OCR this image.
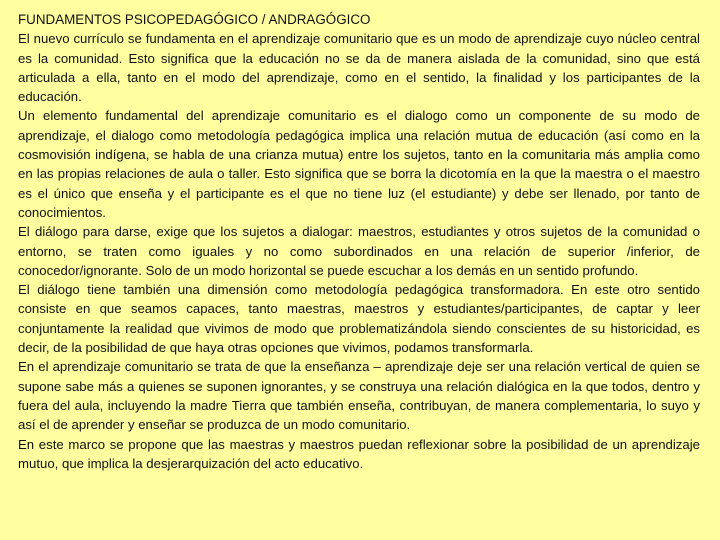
FUNDAMENTOS PSICOPEDAGÓGICO / ANDRAGÓGICO

El nuevo currículo se fundamenta en el aprendizaje comunitario que es un modo de aprendizaje cuyo núcleo central es la comunidad. Esto significa que la educación no se da de manera aislada de la comunidad, sino que está articulada a ella, tanto en el modo del aprendizaje, como en el sentido, la finalidad y los participantes de la educación.

Un elemento fundamental del aprendizaje comunitario es el dialogo como un componente de su modo de aprendizaje, el dialogo como metodología pedagógica implica una relación mutua de educación (así como en la cosmovisión indígena, se habla de una crianza mutua) entre los sujetos, tanto en la comunitaria más amplia como en las propias relaciones de aula o taller. Esto significa que se borra la dicotomía en la que la maestra o el maestro es el único que enseña y el participante es el que no tiene luz (el estudiante) y debe ser llenado, por tanto de conocimientos.

El diálogo para darse, exige que los sujetos a dialogar: maestros, estudiantes y otros sujetos de la comunidad o entorno, se traten como iguales y no como subordinados en una relación de superior /inferior, de conocedor/ignorante. Solo de un modo horizontal se puede escuchar a los demás en un sentido profundo.

El diálogo tiene también una dimensión como metodología pedagógica transformadora. En este otro sentido consiste en que seamos capaces, tanto maestras, maestros y estudiantes/participantes, de captar y leer conjuntamente la realidad que vivimos de modo que problematizándola siendo conscientes de su historicidad, es decir, de la posibilidad de que haya otras opciones que vivimos, podamos transformarla.

En el aprendizaje comunitario se trata de que la enseñanza – aprendizaje deje ser una relación vertical de quien se supone sabe más a quienes se suponen ignorantes, y se construya una relación dialógica en la que todos, dentro y fuera del aula, incluyendo la madre Tierra que también enseña, contribuyan, de manera complementaria, lo suyo y así el de aprender y enseñar se produzca de un modo comunitario.

En este marco se propone que las maestras y maestros puedan reflexionar sobre la posibilidad de un aprendizaje mutuo, que implica la desjerarquización del acto educativo.
